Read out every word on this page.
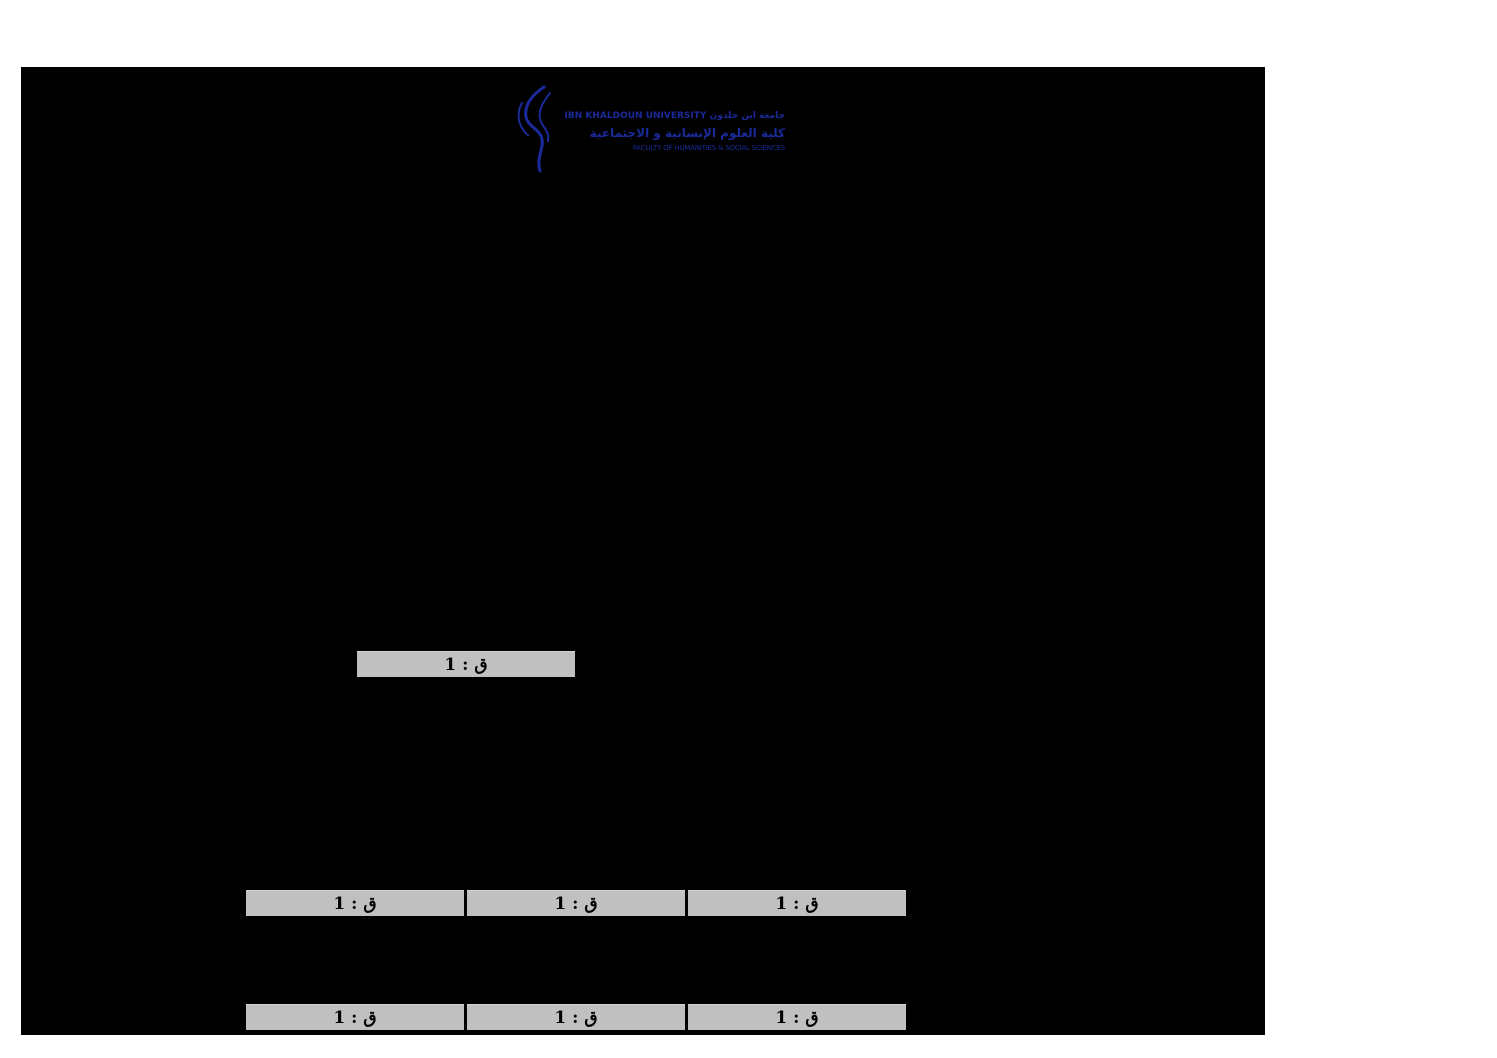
جامعة ابن خلدون IBN KHALDOUN UNIVERSITY
كلية العلوم الإنسانية و الاجتماعية
FACULTY OF HUMANITIES & SOCIAL SCIENCES
ق : 1
ق : 1	ق : 1	ق : 1
ق : 1	ق : 1	ق : 1
